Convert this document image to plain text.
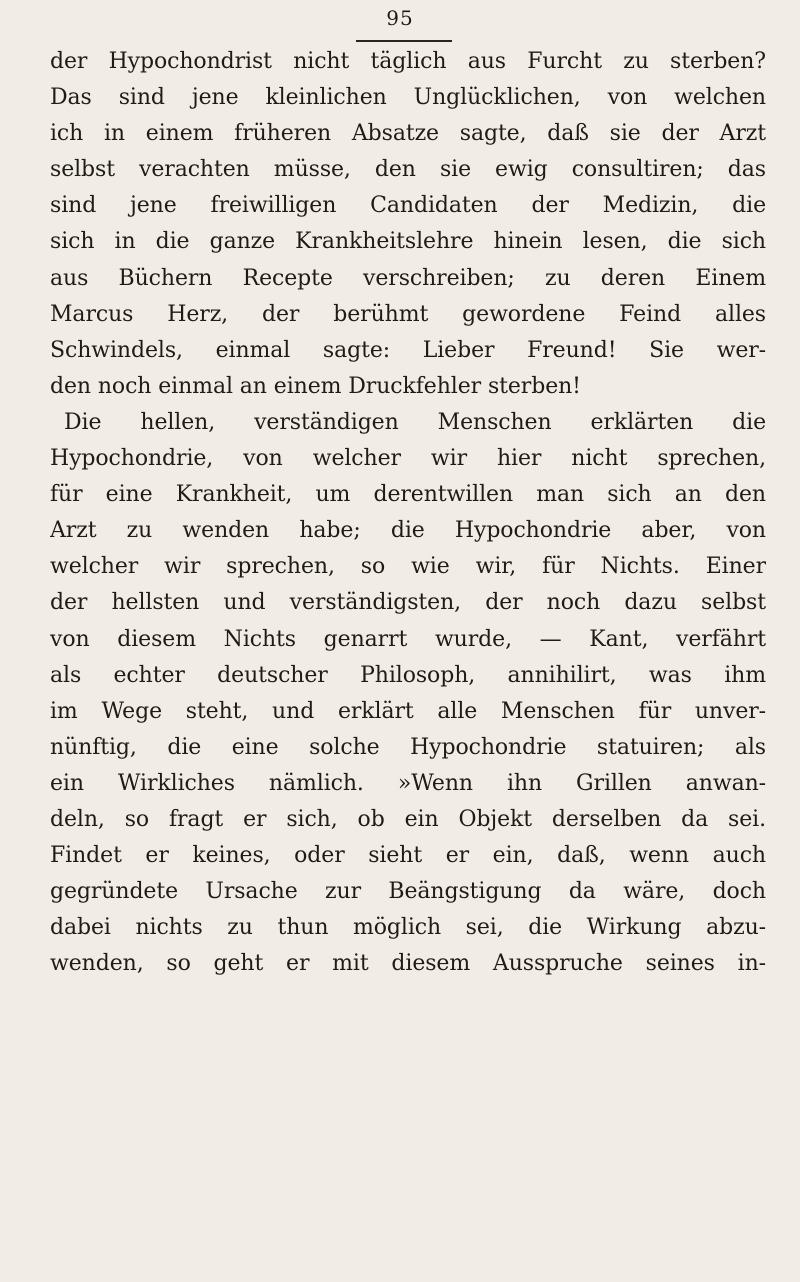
95
der Hypochondrist nicht täglich aus Furcht zu sterben?
Das sind jene kleinlichen Unglücklichen, von welchen
ich in einem früheren Absatze sagte, daß sie der Arzt
selbst verachten müsse, den sie ewig consultiren; das
sind jene freiwilligen Candidaten der Medizin, die
sich in die ganze Krankheitslehre hinein lesen, die sich
aus Büchern Recepte verschreiben; zu deren Einem
Marcus Herz, der berühmt gewordene Feind alles
Schwindels, einmal sagte: Lieber Freund! Sie wer-
den noch einmal an einem Druckfehler sterben!
Die hellen, verständigen Menschen erklärten die
Hypochondrie, von welcher wir hier nicht sprechen,
für eine Krankheit, um derentwillen man sich an den
Arzt zu wenden habe; die Hypochondrie aber, von
welcher wir sprechen, so wie wir, für Nichts. Einer
der hellsten und verständigsten, der noch dazu selbst
von diesem Nichts genarrt wurde, — Kant, verfährt
als echter deutscher Philosoph, annihilirt, was ihm
im Wege steht, und erklärt alle Menschen für unver-
nünftig, die eine solche Hypochondrie statuiren; als
ein Wirkliches nämlich. »Wenn ihn Grillen anwan-
deln, so fragt er sich, ob ein Objekt derselben da sei.
Findet er keines, oder sieht er ein, daß, wenn auch
gegründete Ursache zur Beängstigung da wäre, doch
dabei nichts zu thun möglich sei, die Wirkung abzu-
wenden, so geht er mit diesem Ausspruche seines in-
